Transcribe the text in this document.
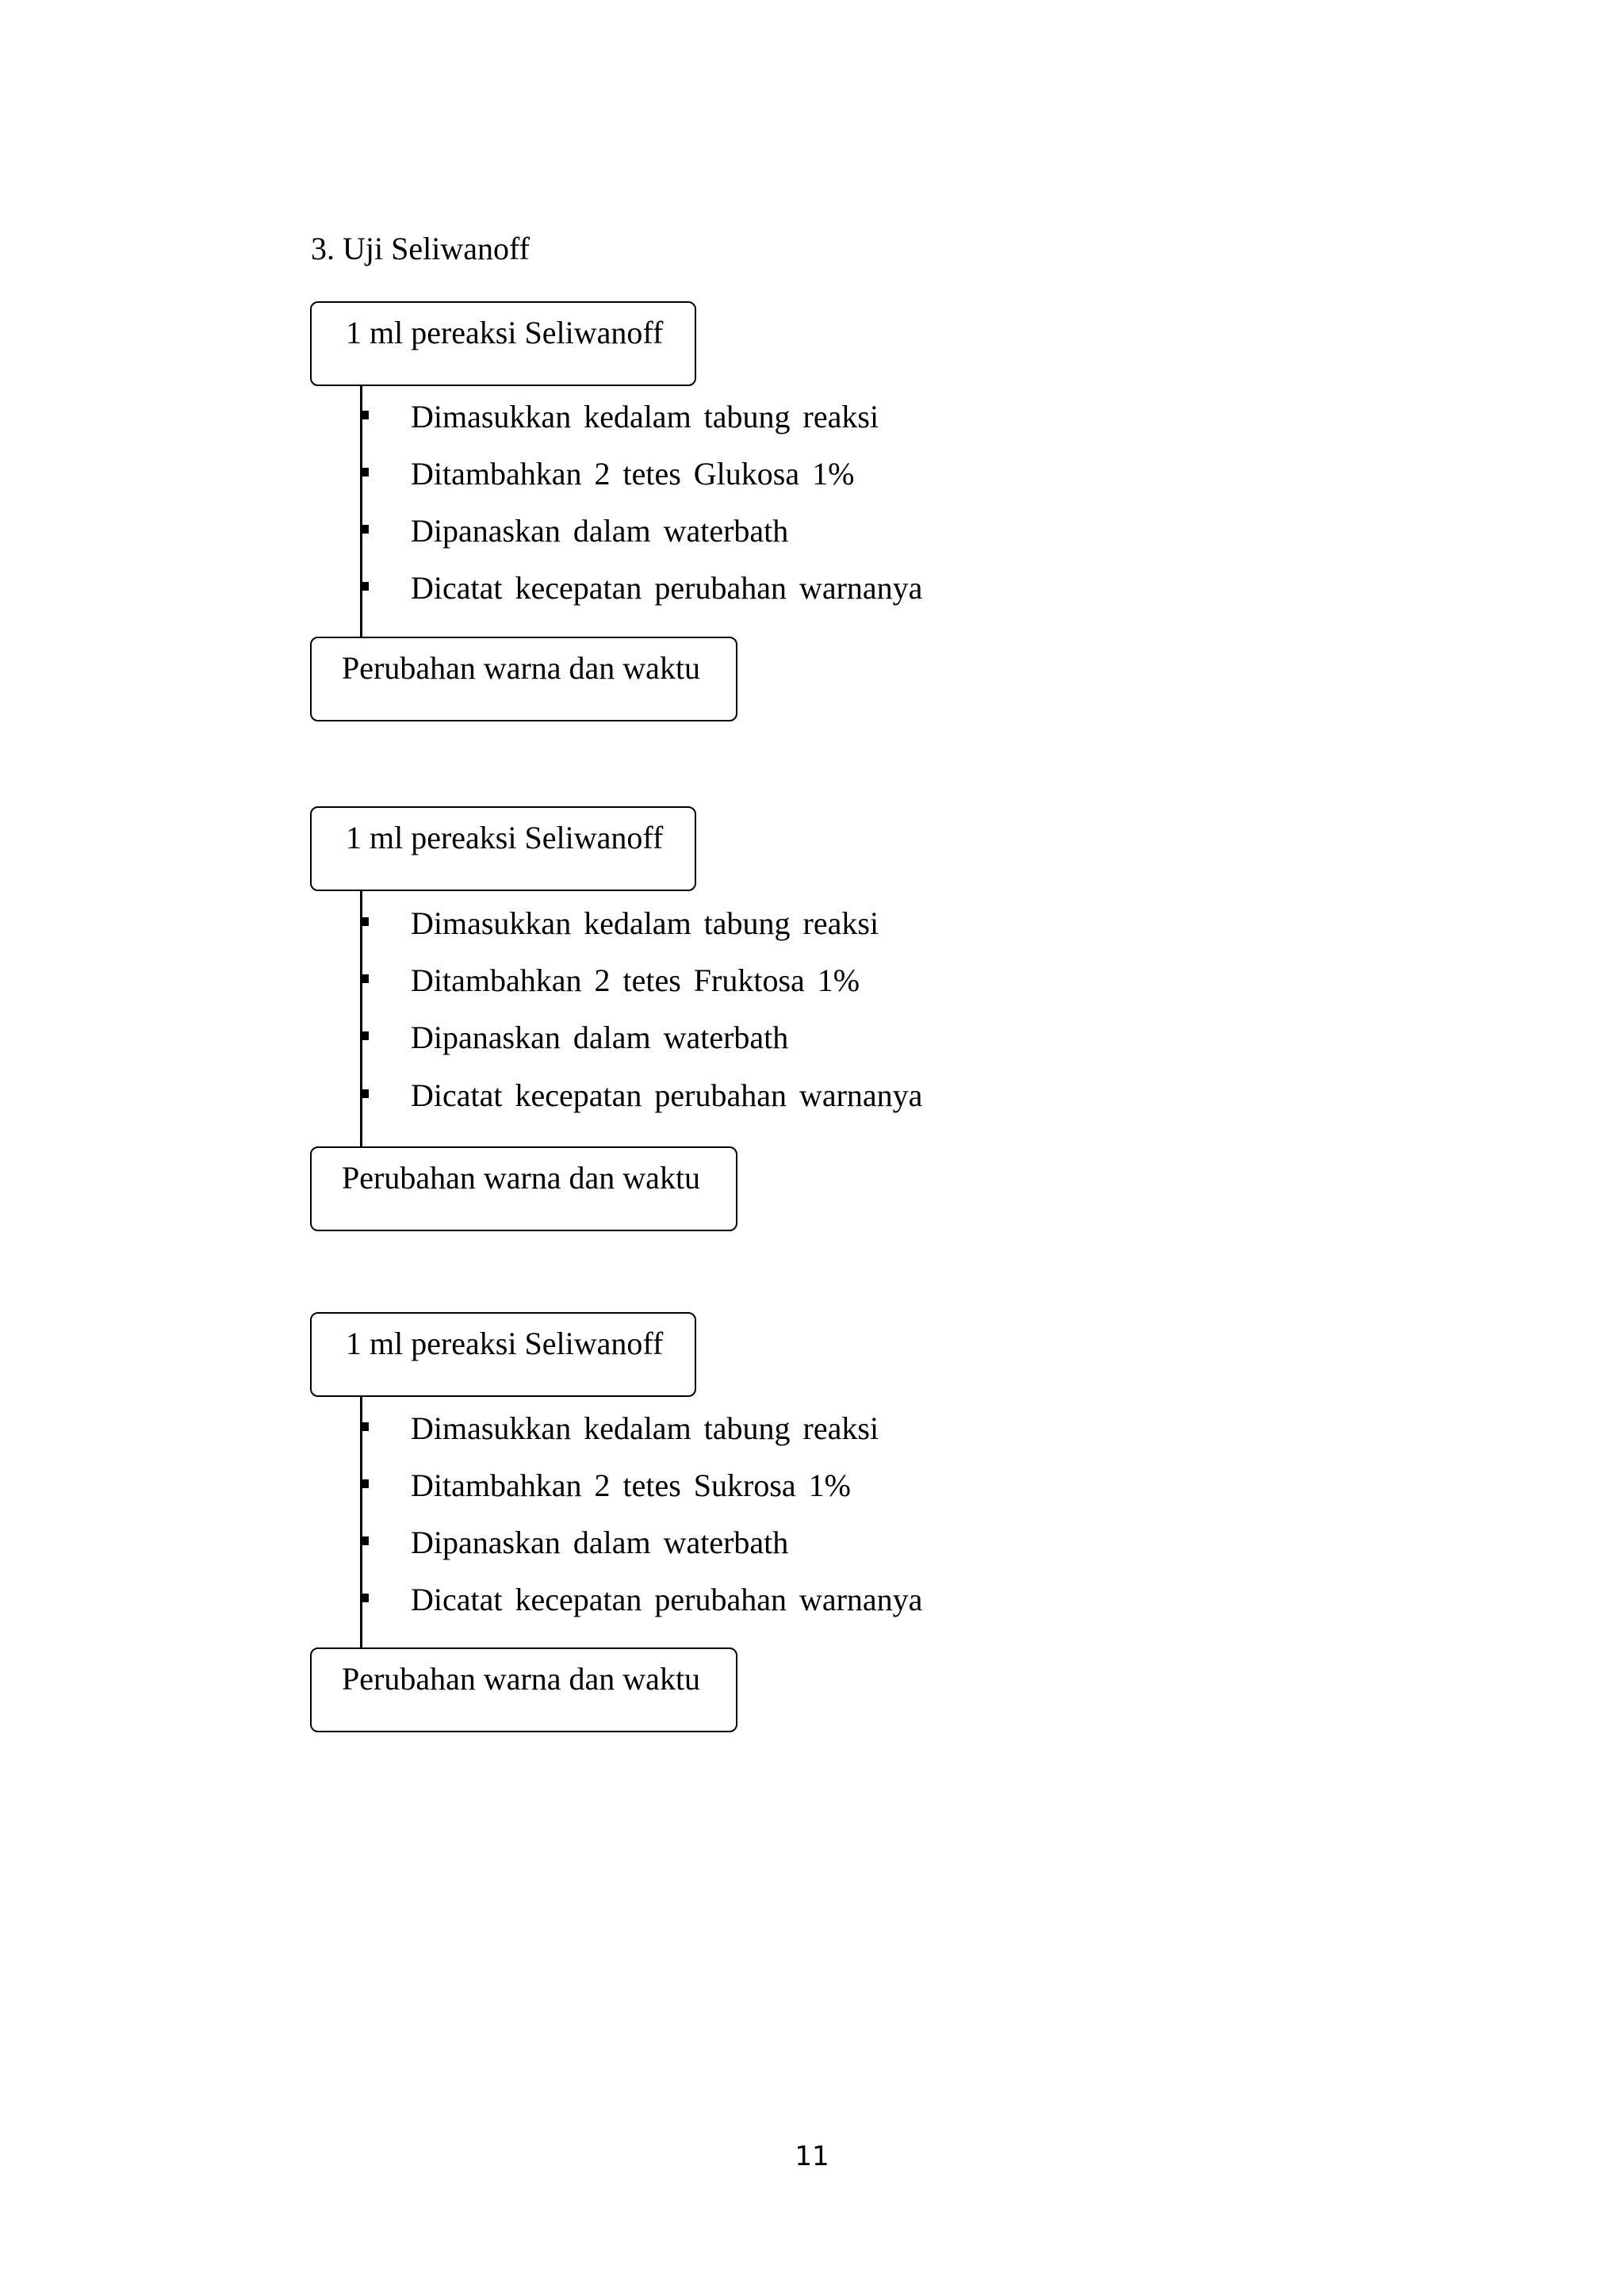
3. Uji Seliwanoff
1 ml pereaksi Seliwanoff
Dimasukkan kedalam tabung reaksi
Ditambahkan 2 tetes Glukosa 1%
Dipanaskan dalam waterbath
Dicatat kecepatan perubahan warnanya
Perubahan warna dan waktu
1 ml pereaksi Seliwanoff
Dimasukkan kedalam tabung reaksi
Ditambahkan 2 tetes Fruktosa 1%
Dipanaskan dalam waterbath
Dicatat kecepatan perubahan warnanya
Perubahan warna dan waktu
1 ml pereaksi Seliwanoff
Dimasukkan kedalam tabung reaksi
Ditambahkan 2 tetes Sukrosa 1%
Dipanaskan dalam waterbath
Dicatat kecepatan perubahan warnanya
Perubahan warna dan waktu
11
